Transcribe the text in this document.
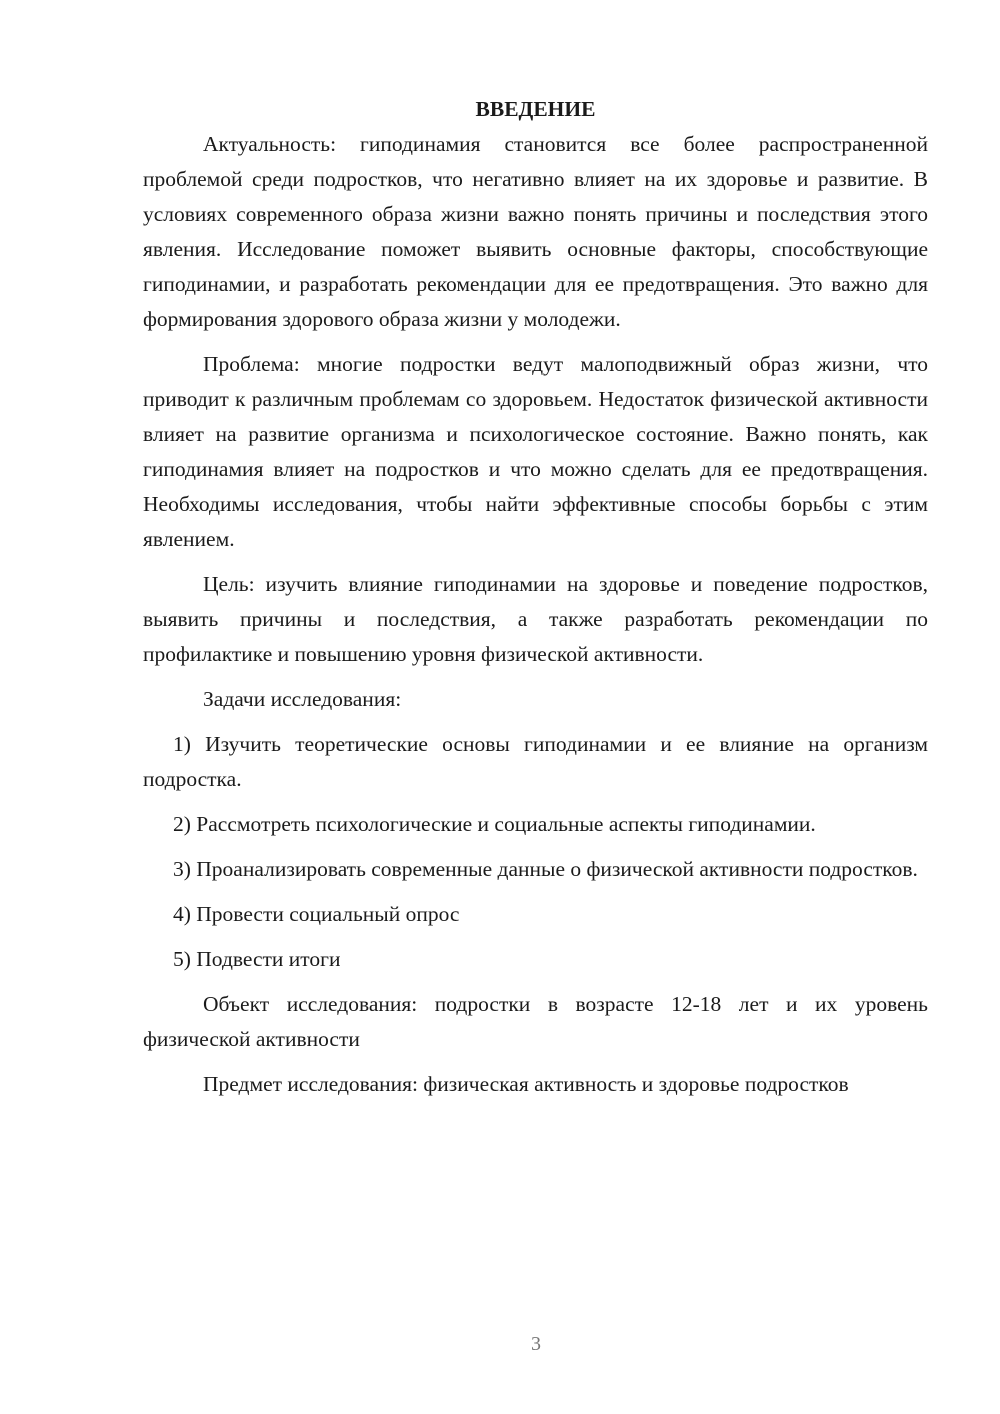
ВВЕДЕНИЕ

Актуальность: гиподинамия становится все более распространенной проблемой среди подростков, что негативно влияет на их здоровье и развитие. В условиях современного образа жизни важно понять причины и последствия этого явления. Исследование поможет выявить основные факторы, способствующие гиподинамии, и разработать рекомендации для ее предотвращения. Это важно для формирования здорового образа жизни у молодежи.

Проблема: многие подростки ведут малоподвижный образ жизни, что приводит к различным проблемам со здоровьем. Недостаток физической активности влияет на развитие организма и психологическое состояние. Важно понять, как гиподинамия влияет на подростков и что можно сделать для ее предотвращения. Необходимы исследования, чтобы найти эффективные способы борьбы с этим явлением.

Цель: изучить влияние гиподинамии на здоровье и поведение подростков, выявить причины и последствия, а также разработать рекомендации по профилактике и повышению уровня физической активности.

Задачи исследования:

1) Изучить теоретические основы гиподинамии и ее влияние на организм подростка.

2) Рассмотреть психологические и социальные аспекты гиподинамии.

3) Проанализировать современные данные о физической активности подростков.

4) Провести социальный опрос

5) Подвести итоги

Объект исследования: подростки в возрасте 12-18 лет и их уровень физической активности

Предмет исследования: физическая активность и здоровье подростков

3
